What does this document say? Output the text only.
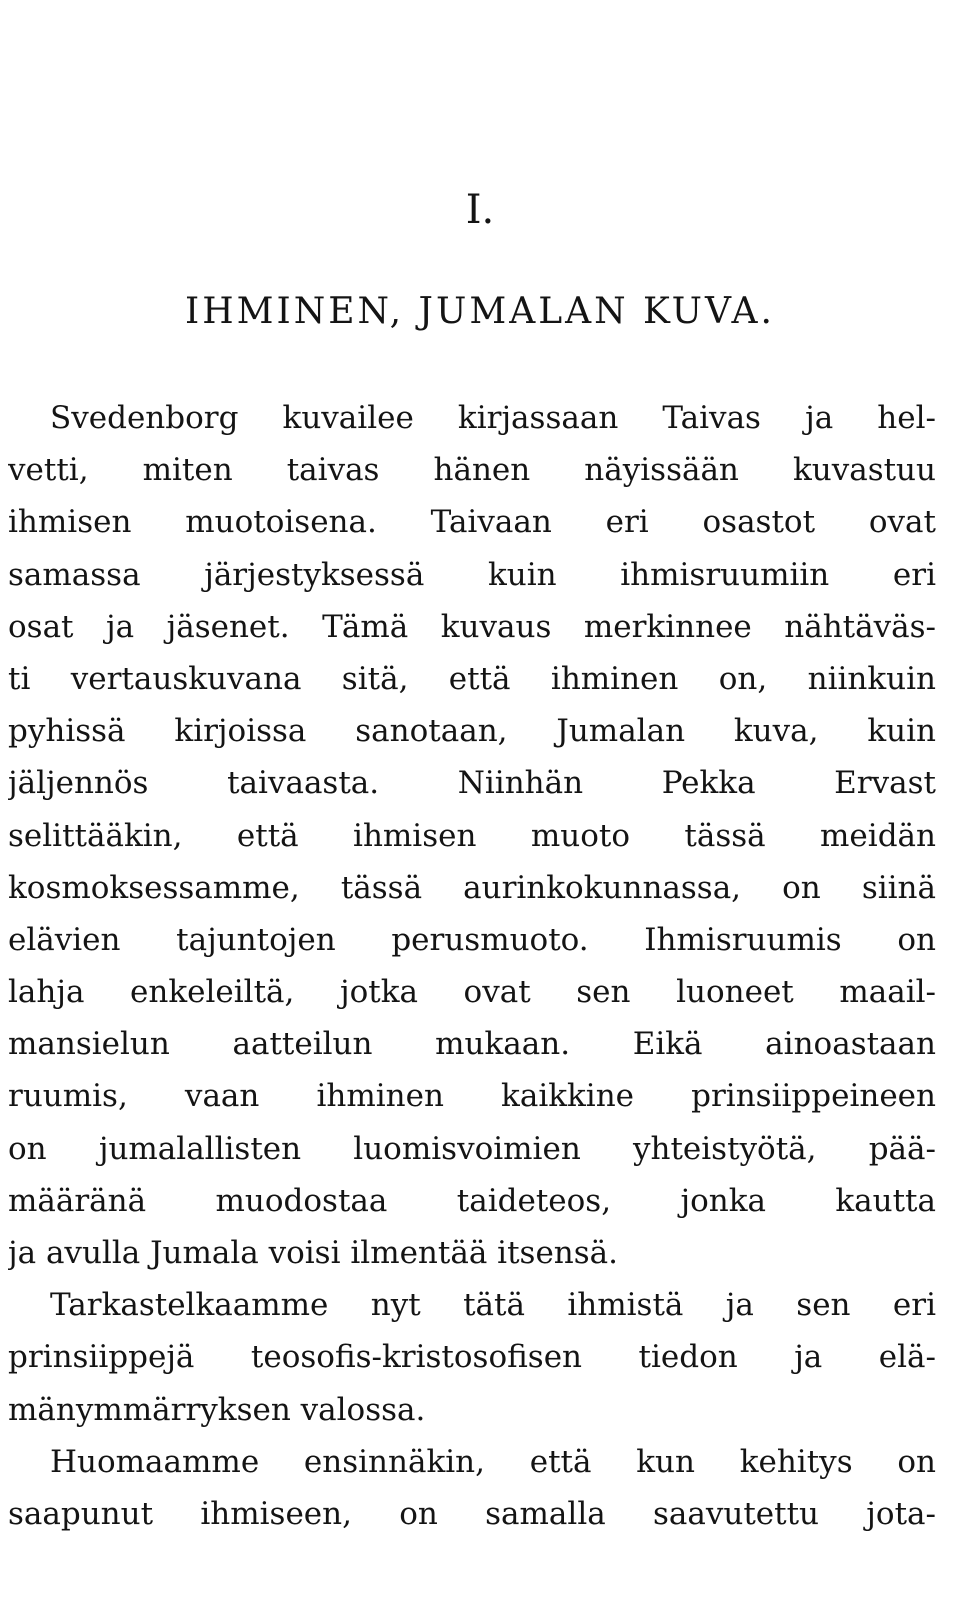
I.
IHMINEN, JUMALAN KUVA.
Svedenborg kuvailee kirjassaan Taivas ja hel-
vetti, miten taivas hänen näyissään kuvastuu
ihmisen muotoisena. Taivaan eri osastot ovat
samassa järjestyksessä kuin ihmisruumiin eri
osat ja jäsenet. Tämä kuvaus merkinnee nähtäväs-
ti vertauskuvana sitä, että ihminen on, niinkuin
pyhissä kirjoissa sanotaan, Jumalan kuva, kuin
jäljennös taivaasta. Niinhän Pekka Ervast
selittääkin, että ihmisen muoto tässä meidän
kosmoksessamme, tässä aurinkokunnassa, on siinä
elävien tajuntojen perusmuoto. Ihmisruumis on
lahja enkeleiltä, jotka ovat sen luoneet maail-
mansielun aatteilun mukaan. Eikä ainoastaan
ruumis, vaan ihminen kaikkine prinsiippeineen
on jumalallisten luomisvoimien yhteistyötä, pää-
määränä muodostaa taideteos, jonka kautta
ja avulla Jumala voisi ilmentää itsensä.
Tarkastelkaamme nyt tätä ihmistä ja sen eri
prinsiippejä teosofis-kristosofisen tiedon ja elä-
mänymmärryksen valossa.
Huomaamme ensinnäkin, että kun kehitys on
saapunut ihmiseen, on samalla saavutettu jota-
